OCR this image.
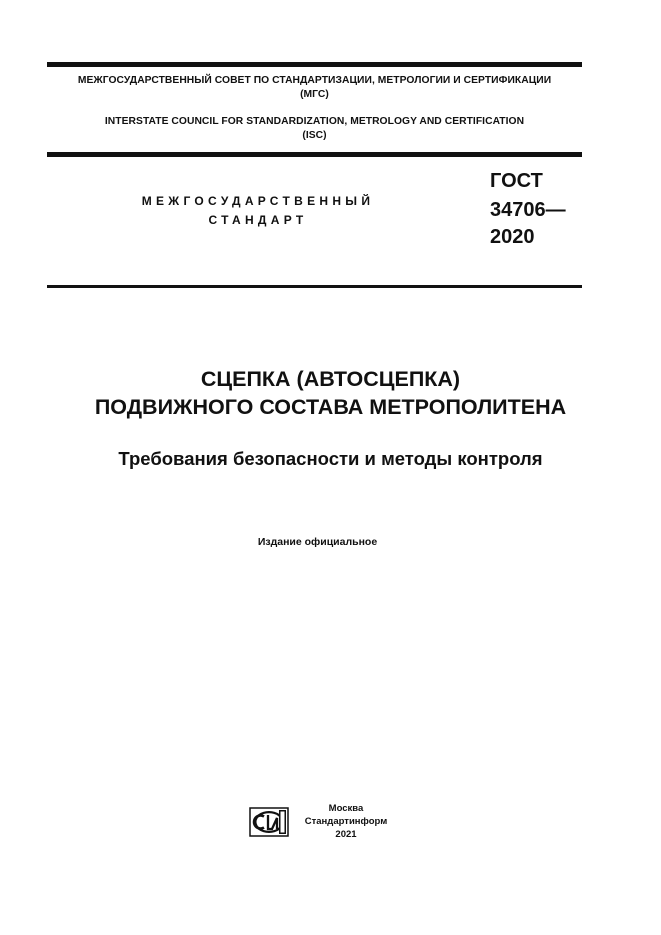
МЕЖГОСУДАРСТВЕННЫЙ СОВЕТ ПО СТАНДАРТИЗАЦИИ, МЕТРОЛОГИИ И СЕРТИФИКАЦИИ
(МГС)
INTERSTATE COUNCIL FOR STANDARDIZATION, METROLOGY AND CERTIFICATION
(ISC)
МЕЖГОСУДАРСТВЕННЫЙ
СТАНДАРТ
ГОСТ
34706—
2020
СЦЕПКА (АВТОСЦЕПКА)
ПОДВИЖНОГО СОСТАВА МЕТРОПОЛИТЕНА
Требования безопасности и методы контроля
Издание официальное
Москва
Стандартинформ
2021
